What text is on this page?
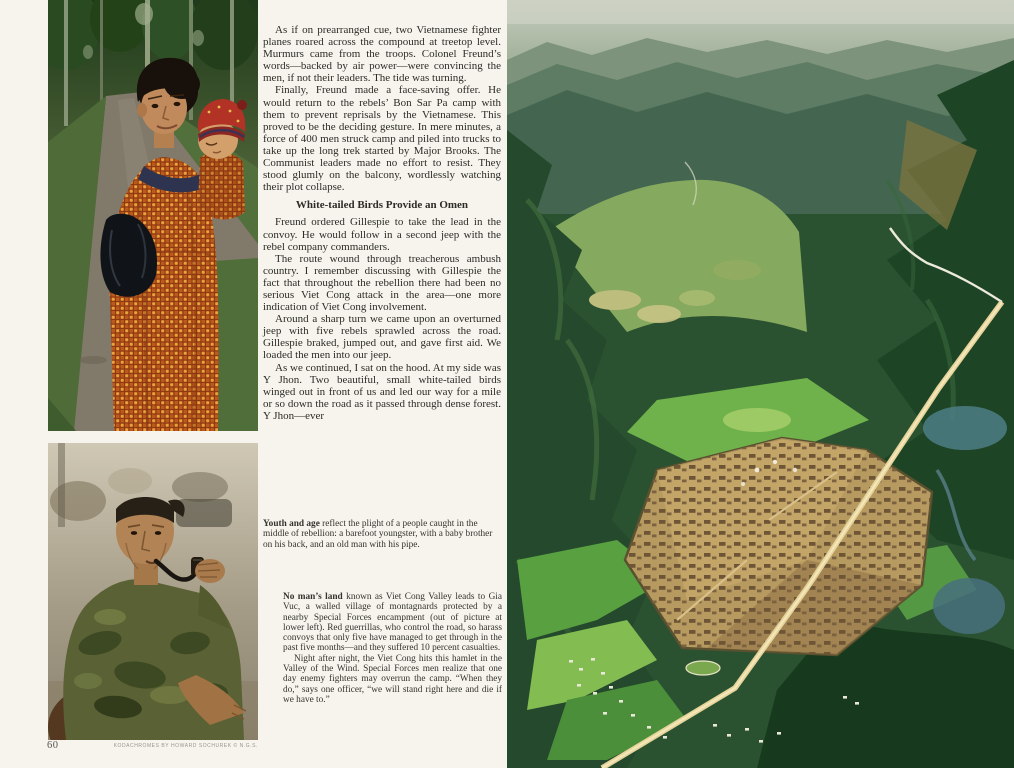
As if on prearranged cue, two Vietnamese fighter planes roared across the compound at treetop level. Murmurs came from the troops. Colonel Freund’s words—backed by air power—were convincing the men, if not their leaders. The tide was turning.

Finally, Freund made a face-saving offer. He would return to the rebels’ Bon Sar Pa camp with them to prevent reprisals by the Vietnamese. This proved to be the deciding gesture. In mere minutes, a force of 400 men struck camp and piled into trucks to take up the long trek started by Major Brooks. The Communist leaders made no effort to resist. They stood glumly on the balcony, wordlessly watching their plot collapse.

White-tailed Birds Provide an Omen

Freund ordered Gillespie to take the lead in the convoy. He would follow in a second jeep with the rebel company commanders.

The route wound through treacherous ambush country. I remember discussing with Gillespie the fact that throughout the rebellion there had been no serious Viet Cong attack in the area—one more indication of Viet Cong involvement.

Around a sharp turn we came upon an overturned jeep with five rebels sprawled across the road. Gillespie braked, jumped out, and gave first aid. We loaded the men into our jeep.

As we continued, I sat on the hood. At my side was Y Jhon. Two beautiful, small white-tailed birds winged out in front of us and led our way for a mile or so down the road as it passed through dense forest. Y Jhon—ever

Youth and age reflect the plight of a people caught in the middle of rebellion: a barefoot youngster, with a baby brother on his back, and an old man with his pipe.

No man’s land known as Viet Cong Valley leads to Gia Vuc, a walled village of montagnards protected by a nearby Special Forces encampment (out of picture at lower left). Red guerrillas, who control the road, so harass convoys that only five have managed to get through in the past five months—and they suffered 10 percent casualties.

Night after night, the Viet Cong hits this hamlet in the Valley of the Wind. Special Forces men realize that one day enemy fighters may overrun the camp. “When they do,” says one officer, “we will stand right here and die if we have to.”

60	KODACHROMES BY HOWARD SOCHUREK © N.G.S.
